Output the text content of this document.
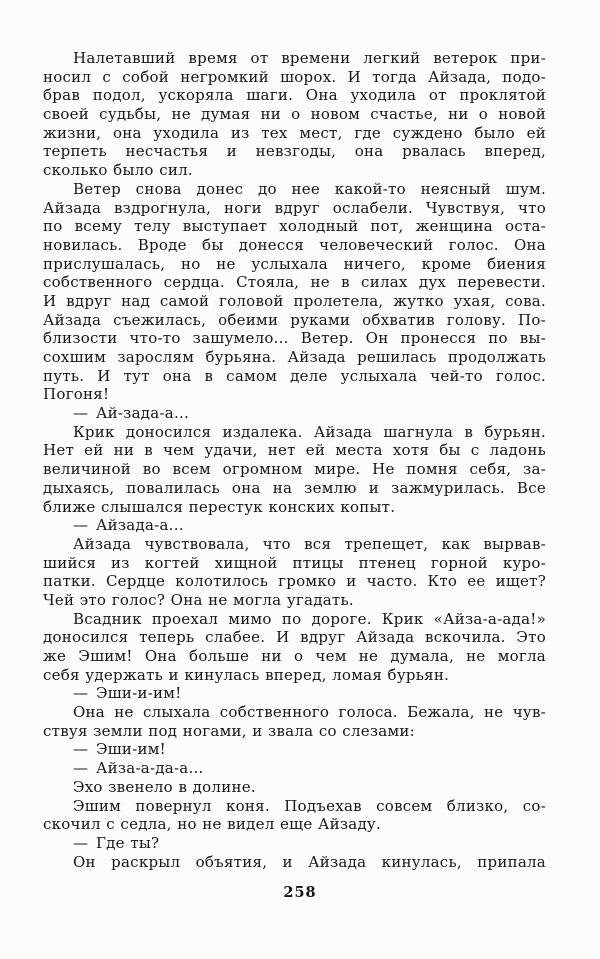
Налетавший время от времени легкий ветерок при-
носил с собой негромкий шорох. И тогда Айзада, подо-
брав подол, ускоряла шаги. Она уходила от проклятой
своей судьбы, не думая ни о новом счастье, ни о новой
жизни, она уходила из тех мест, где суждено было ей
терпеть несчастья и невзгоды, она рвалась вперед,
сколько было сил.
Ветер снова донес до нее какой-то неясный шум.
Айзада вздрогнула, ноги вдруг ослабели. Чувствуя, что
по всему телу выступает холодный пот, женщина оста-
новилась. Вроде бы донесся человеческий голос. Она
прислушалась, но не услыхала ничего, кроме биения
собственного сердца. Стояла, не в силах дух перевести.
И вдруг над самой головой пролетела, жутко ухая, сова.
Айзада съежилась, обеими руками обхватив голову. По-
близости что-то зашумело... Ветер. Он пронесся по вы-
сохшим зарослям бурьяна. Айзада решилась продолжать
путь. И тут она в самом деле услыхала чей-то голос.
Погоня!
— Ай-зада-а...
Крик доносился издалека. Айзада шагнула в бурьян.
Нет ей ни в чем удачи, нет ей места хотя бы с ладонь
величиной во всем огромном мире. Не помня себя, за-
дыхаясь, повалилась она на землю и зажмурилась. Все
ближе слышался перестук конских копыт.
— Айзада-а...
Айзада чувствовала, что вся трепещет, как вырвав-
шийся из когтей хищной птицы птенец горной куро-
патки. Сердце колотилось громко и часто. Кто ее ищет?
Чей это голос? Она не могла угадать.
Всадник проехал мимо по дороге. Крик «Айза-а-ада!»
доносился теперь слабее. И вдруг Айзада вскочила. Это
же Эшим! Она больше ни о чем не думала, не могла
себя удержать и кинулась вперед, ломая бурьян.
— Эши-и-им!
Она не слыхала собственного голоса. Бежала, не чув-
ствуя земли под ногами, и звала со слезами:
— Эши-им!
— Айза-а-да-а...
Эхо звенело в долине.
Эшим повернул коня. Подъехав совсем близко, со-
скочил с седла, но не видел еще Айзаду.
— Где ты?
Он раскрыл объятия, и Айзада кинулась, припала
258
